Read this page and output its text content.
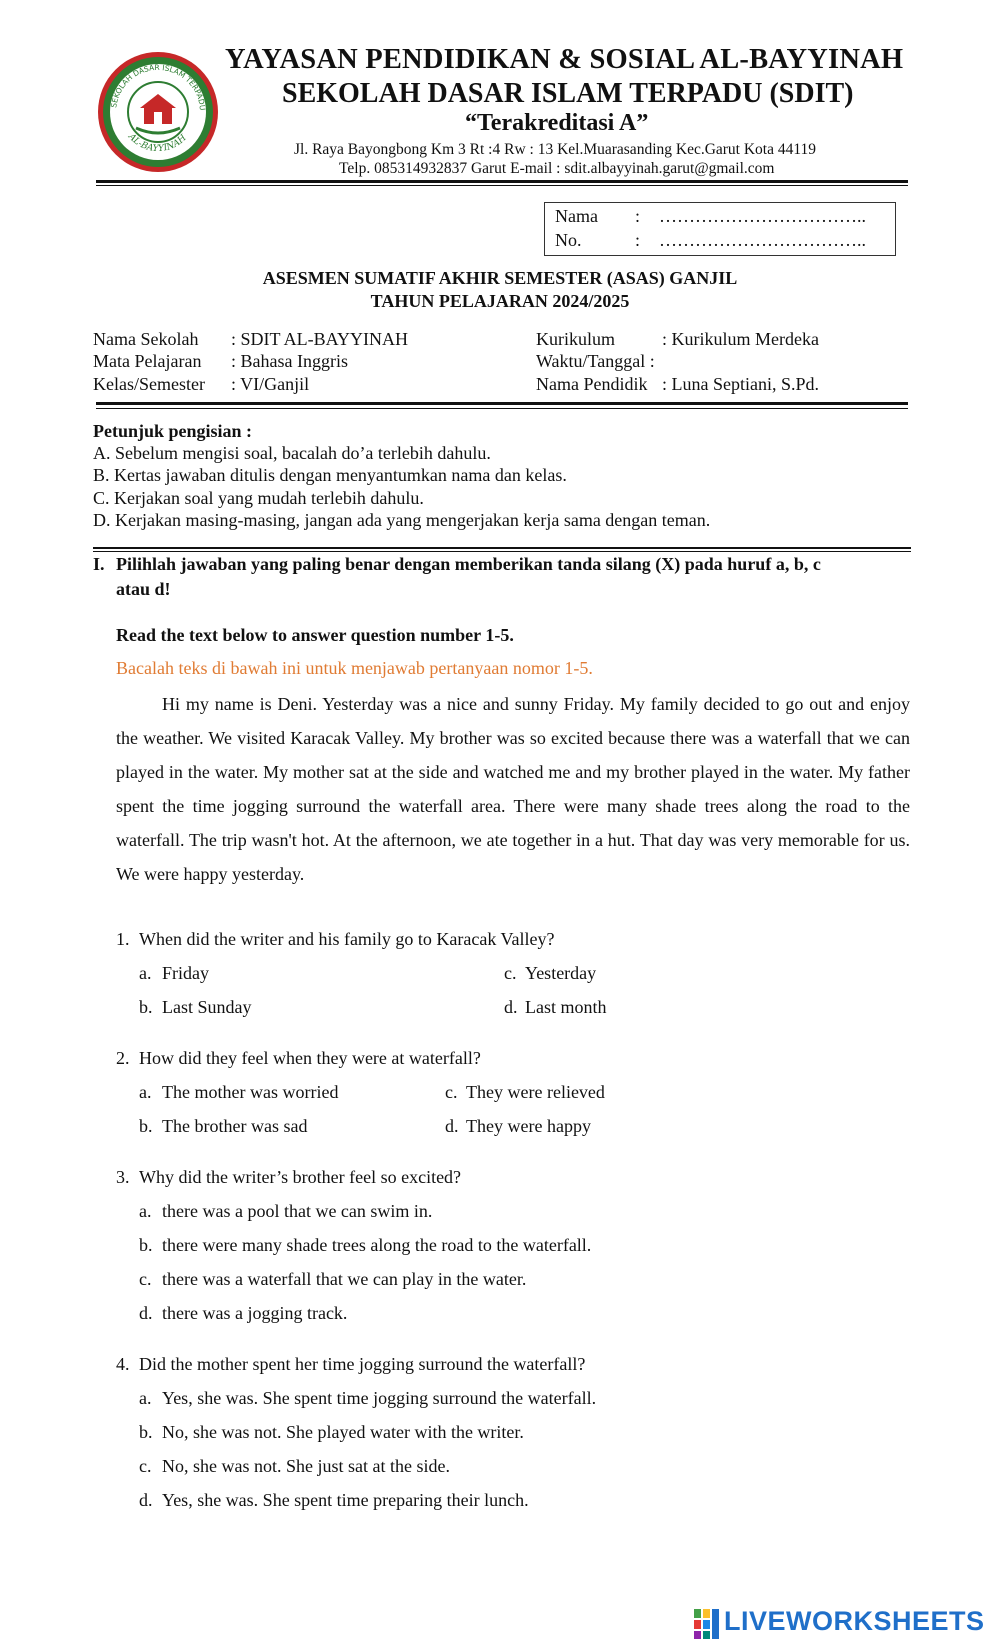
SEKOLAH DASAR ISLAM TERPADU
AL-BAYYINAH
YAYASAN PENDIDIKAN & SOSIAL AL-BAYYINAH
SEKOLAH DASAR ISLAM TERPADU (SDIT)
“Terakreditasi A”
Jl. Raya Bayongbong Km 3 Rt :4 Rw : 13 Kel.Muarasanding Kec.Garut Kota 44119
Telp. 085314932837 Garut E-mail : sdit.albayyinah.garut@gmail.com
Nama : ……………………………..
No.	: ……………………………..
ASESMEN SUMATIF AKHIR SEMESTER (ASAS) GANJIL
TAHUN PELAJARAN 2024/2025
Nama Sekolah : SDIT AL-BAYYINAH
Mata Pelajaran : Bahasa Inggris
Kelas/Semester : VI/Ganjil
Kurikulum	: Kurikulum Merdeka
Waktu/Tanggal :
Nama Pendidik : Luna Septiani, S.Pd.
Petunjuk pengisian :
A. Sebelum mengisi soal, bacalah do’a terlebih dahulu.
B. Kertas jawaban ditulis dengan menyantumkan nama dan kelas.
C. Kerjakan soal yang mudah terlebih dahulu.
D. Kerjakan masing-masing, jangan ada yang mengerjakan kerja sama dengan teman.
I. Pilihlah jawaban yang paling benar dengan memberikan tanda silang (X) pada huruf a, b, c
atau d!
Read the text below to answer question number 1-5.
Bacalah teks di bawah ini untuk menjawab pertanyaan nomor 1-5.
Hi my name is Deni. Yesterday was a nice and sunny Friday. My family decided to go out and enjoy the weather. We visited Karacak Valley. My brother was so excited because there was a waterfall that we can played in the water. My mother sat at the side and watched me and my brother played in the water. My father spent the time jogging surround the waterfall area. There were many shade trees along the road to the waterfall. The trip wasn't hot. At the afternoon, we ate together in a hut. That day was very memorable for us. We were happy yesterday.
1. When did the writer and his family go to Karacak Valley?
a. Friday	c. Yesterday
b. Last Sunday	d. Last month
2. How did they feel when they were at waterfall?
a. The mother was worried	c. They were relieved
b. The brother was sad	d. They were happy
3. Why did the writer’s brother feel so excited?
a. there was a pool that we can swim in.
b. there were many shade trees along the road to the waterfall.
c. there was a waterfall that we can play in the water.
d. there was a jogging track.
4. Did the mother spent her time jogging surround the waterfall?
a. Yes, she was. She spent time jogging surround the waterfall.
b. No, she was not. She played water with the writer.
c. No, she was not. She just sat at the side.
d. Yes, she was. She spent time preparing their lunch.
LIVEWORKSHEETS
